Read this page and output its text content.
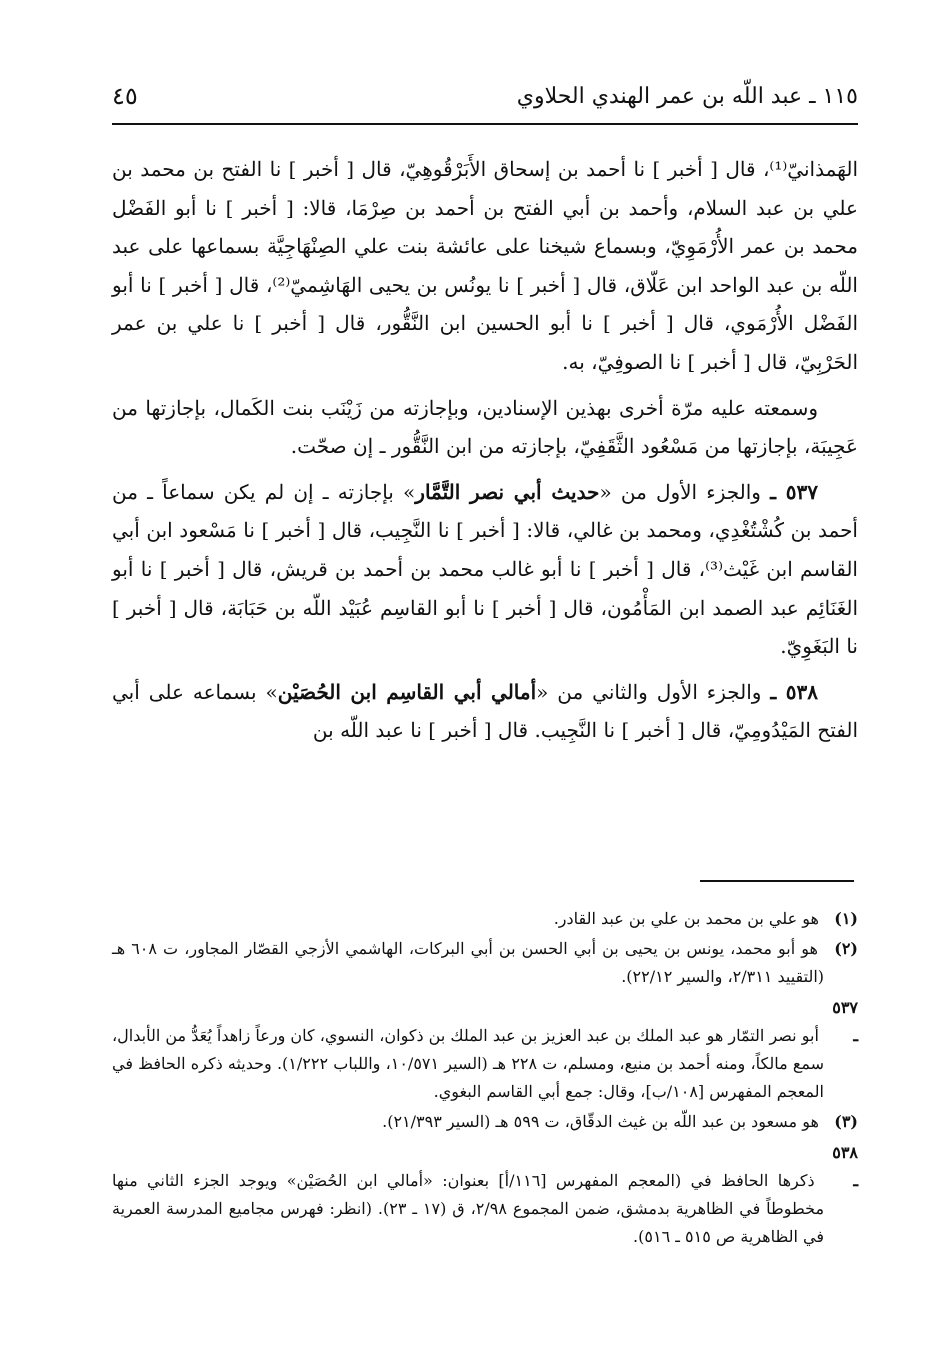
١١٥ ـ عبد اللّه بن عمر الهندي الحلاوي
٤٥

الهَمذانيّ⁽¹⁾، قال [ أخبر ] نا أحمد بن إسحاق الأَبَرْقُوهِيّ، قال [ أخبر ] نا الفتح بن محمد بن علي بن عبد السلام، وأحمد بن أبي الفتح بن أحمد بن صِرْمَا، قالا: [ أخبر ] نا أبو الفَضْل محمد بن عمر الأُرْمَوِيّ، وبسماع شيخنا على عائشة بنت علي الصِنْهَاجِيَّة بسماعها على عبد اللّه بن عبد الواحد ابن عَلّاق، قال [ أخبر ] نا يونُس بن يحيى الهَاشِميّ⁽²⁾، قال [ أخبر ] نا أبو الفَضْل الأُرْمَوي، قال [ أخبر ] نا أبو الحسين ابن النَّقُّور، قال [ أخبر ] نا علي بن عمر الحَرْبِيّ، قال [ أخبر ] نا الصوفِيّ، به.

وسمعته عليه مرّة أخرى بهذين الإسنادين، وبإجازته من زَيْنَب بنت الكَمال، بإجازتها من عَجِيبَة، بإجازتها من مَسْعُود الثَّقَفِيّ، بإجازته من ابن النَّقُّور ـ إن صحّت.

٥٣٧ ـ والجزء الأول من «حديث أبي نصر التَّمَّار» بإجازته ـ إن لم يكن سماعاً ـ من أحمد بن كُشْتُغْدِي، ومحمد بن غالي، قالا: [ أخبر ] نا النَّجِيب، قال [ أخبر ] نا مَسْعود ابن أبي القاسم ابن غَيْث⁽³⁾، قال [ أخبر ] نا أبو غالب محمد بن أحمد بن قريش، قال [ أخبر ] نا أبو الغَنَائِم عبد الصمد ابن المَأْمُون، قال [ أخبر ] نا أبو القاسِم عُبَيْد اللّه بن حَبَابَة، قال [ أخبر ] نا البَغَوِيّ.

٥٣٨ ـ والجزء الأول والثاني من «أمالي أبي القاسِم ابن الحُصَيْن» بسماعه على أبي الفتح المَيْدُومِيّ، قال [ أخبر ] نا النَّجِيب. قال [ أخبر ] نا عبد اللّه بن

(١) هو علي بن محمد بن علي بن عبد القادر.

(٢) هو أبو محمد، يونس بن يحيى بن أبي الحسن بن أبي البركات، الهاشمي الأزجي القصّار المجاور، ت ٦٠٨ هـ (التقييد ٢/٣١١، والسير ٢٢/١٢).

٥٣٧ ـ أبو نصر التمّار هو عبد الملك بن عبد العزيز بن عبد الملك بن ذكوان، النسوي، كان ورعاً زاهداً يُعَدُّ من الأبدال، سمع مالكاً، ومنه أحمد بن منيع، ومسلم، ت ٢٢٨ هـ (السير ١٠/٥٧١، واللباب ١/٢٢٢). وحديثه ذكره الحافظ في المعجم المفهرس [١٠٨/ب]، وقال: جمع أبي القاسم البغوي.

(٣) هو مسعود بن عبد اللّه بن غيث الدقّاق، ت ٥٩٩ هـ (السير ٢١/٣٩٣).

٥٣٨ ـ ذكرها الحافظ في (المعجم المفهرس [١١٦/أ] بعنوان: «أمالي ابن الحُصَيْن» ويوجد الجزء الثاني منها مخطوطاً في الظاهرية بدمشق، ضمن المجموع ٢/٩٨، ق (١٧ ـ ٢٣). (انظر: فهرس مجاميع المدرسة العمرية في الظاهرية ص ٥١٥ ـ ٥١٦).
